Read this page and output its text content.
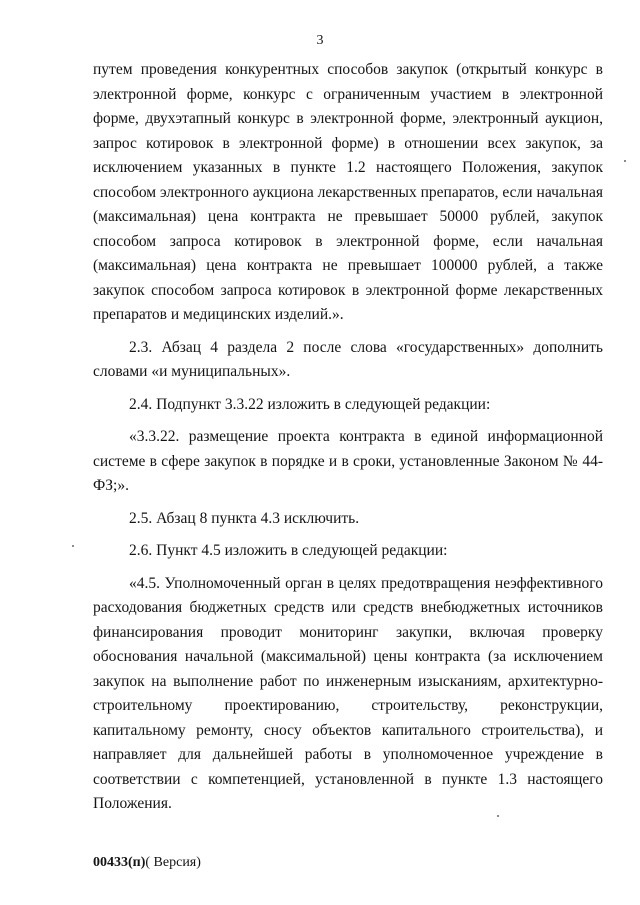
3

путем проведения конкурентных способов закупок (открытый конкурс в электронной форме, конкурс с ограниченным участием в электронной форме, двухэтапный конкурс в электронной форме, электронный аукцион, запрос котировок в электронной форме) в отношении всех закупок, за исключением указанных в пункте 1.2 настоящего Положения, закупок способом электронного аукциона лекарственных препаратов, если начальная (максимальная) цена контракта не превышает 50000 рублей, закупок способом запроса котировок в электронной форме, если начальная (максимальная) цена контракта не превышает 100000 рублей, а также закупок способом запроса котировок в электронной форме лекарственных препаратов и медицинских изделий.».

2.3. Абзац 4 раздела 2 после слова «государственных» дополнить словами «и муниципальных».

2.4. Подпункт 3.3.22 изложить в следующей редакции:

«3.3.22. размещение проекта контракта в единой информационной системе в сфере закупок в порядке и в сроки, установленные Законом № 44-ФЗ;».

2.5. Абзац 8 пункта 4.3 исключить.

2.6. Пункт 4.5 изложить в следующей редакции:

«4.5. Уполномоченный орган в целях предотвращения неэффективного расходования бюджетных средств или средств внебюджетных источников финансирования проводит мониторинг закупки, включая проверку обоснования начальной (максимальной) цены контракта (за исключением закупок на выполнение работ по инженерным изысканиям, архитектурно-строительному проектированию, строительству, реконструкции, капитальному ремонту, сносу объектов капитального строительства), и направляет для дальнейшей работы в уполномоченное учреждение в соответствии с компетенцией, установленной в пункте 1.3 настоящего Положения.

00433(п)( Версия)
